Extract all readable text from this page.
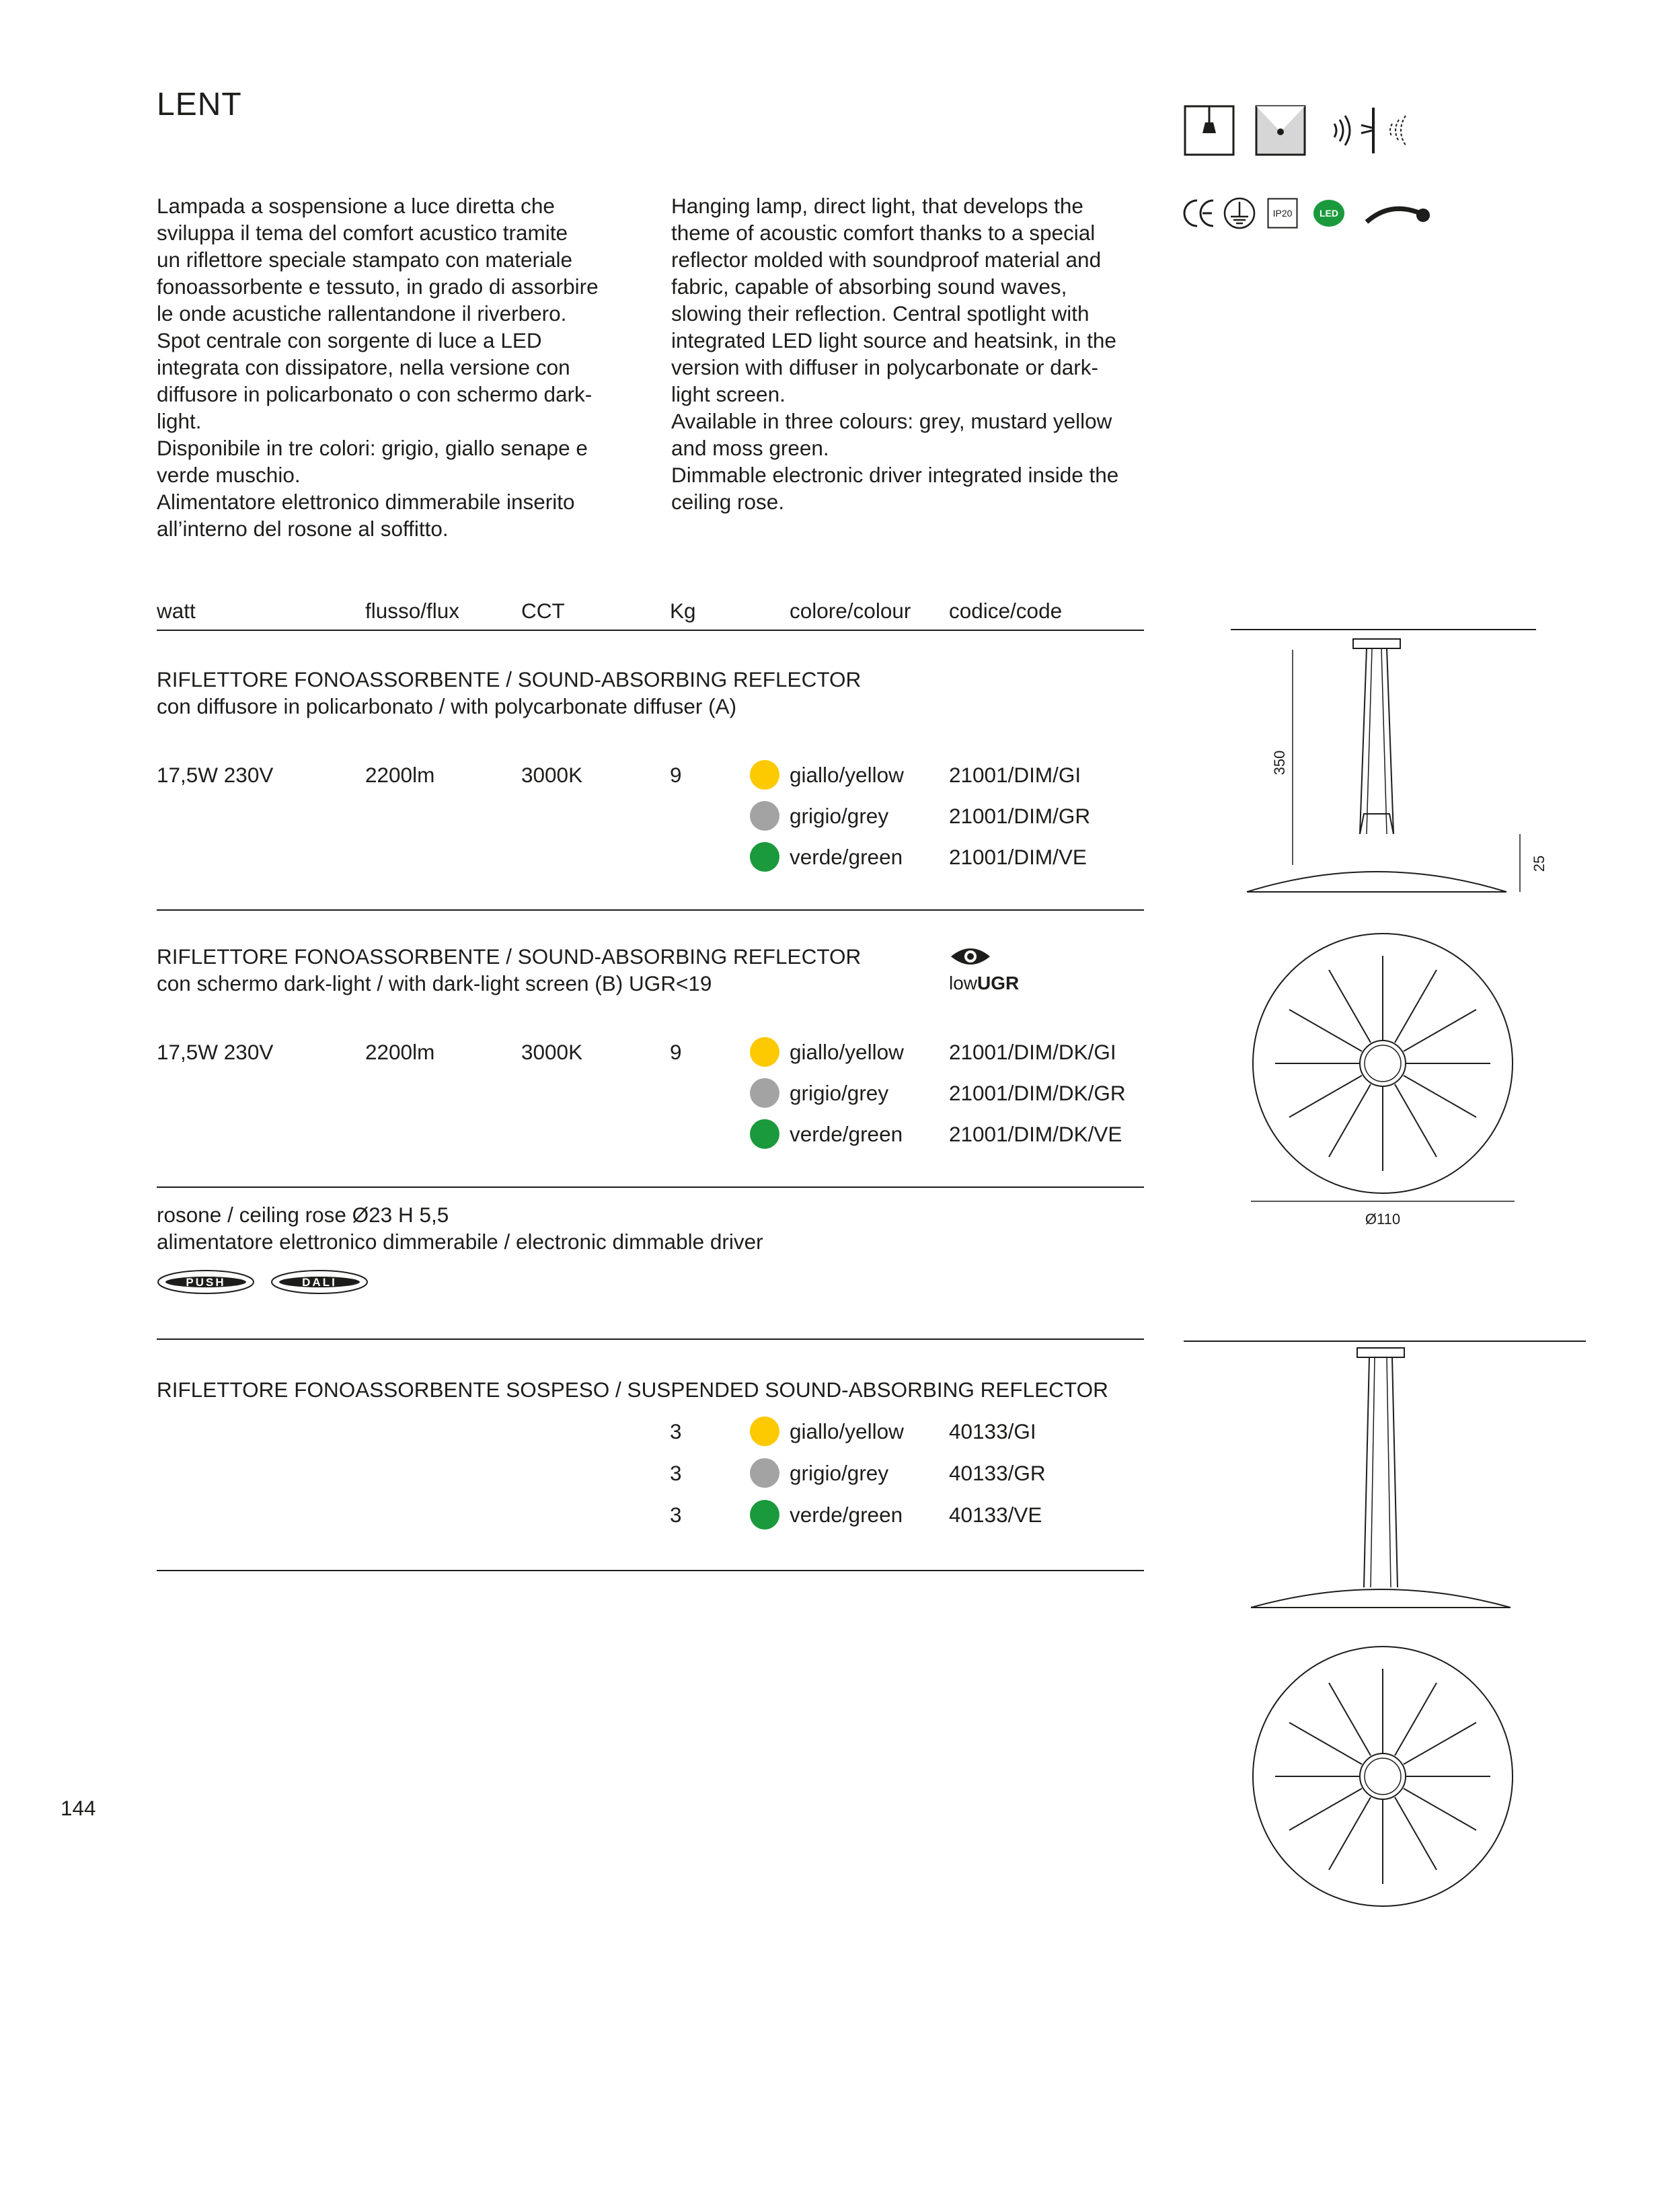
LENT
144
Lampada a sospensione a luce diretta che
sviluppa il tema del comfort acustico tramite
un riflettore speciale stampato con materiale
fonoassorbente e tessuto, in grado di assorbire
le onde acustiche rallentandone il riverbero.
Spot centrale con sorgente di luce a LED
integrata con dissipatore, nella versione con
diffusore in policarbonato o con schermo dark-
light.
Disponibile in tre colori: grigio, giallo senape e
verde muschio.
Alimentatore elettronico dimmerabile inserito
all’interno del rosone al soffitto.
Hanging lamp, direct light, that develops the
theme of acoustic comfort thanks to a special
reflector molded with soundproof material and
fabric, capable of absorbing sound waves,
slowing their reflection. Central spotlight with
integrated LED light source and heatsink, in the
version with diffuser in polycarbonate or dark-
light screen.
Available in three colours: grey, mustard yellow
and moss green.
Dimmable electronic driver integrated inside the
ceiling rose.
IP20	LED
watt	flusso/flux	CCT	Kg	colore/colour codice/code
RIFLETTORE FONOASSORBENTE / SOUND-ABSORBING REFLECTOR
con diffusore in policarbonato / with polycarbonate diffuser (A)
17,5W 230V	2200lm	3000K	9	giallo/yellow 21001/DIM/GI
grigio/grey	21001/DIM/GR
verde/green 21001/DIM/VE
RIFLETTORE FONOASSORBENTE / SOUND-ABSORBING REFLECTOR
con schermo dark-light / with dark-light screen (B) UGR<19	lowUGR
17,5W 230V	2200lm	3000K	9	giallo/yellow 21001/DIM/DK/GI
grigio/grey	21001/DIM/DK/GR
verde/green 21001/DIM/DK/VE
rosone / ceiling rose Ø23 H 5,5
alimentatore elettronico dimmerabile / electronic dimmable driver
PUSH	DALI
RIFLETTORE FONOASSORBENTE SOSPESO / SUSPENDED SOUND-ABSORBING REFLECTOR
3	giallo/yellow 40133/GI
3	grigio/grey	40133/GR
3	verde/green 40133/VE
350
25
Ø110
